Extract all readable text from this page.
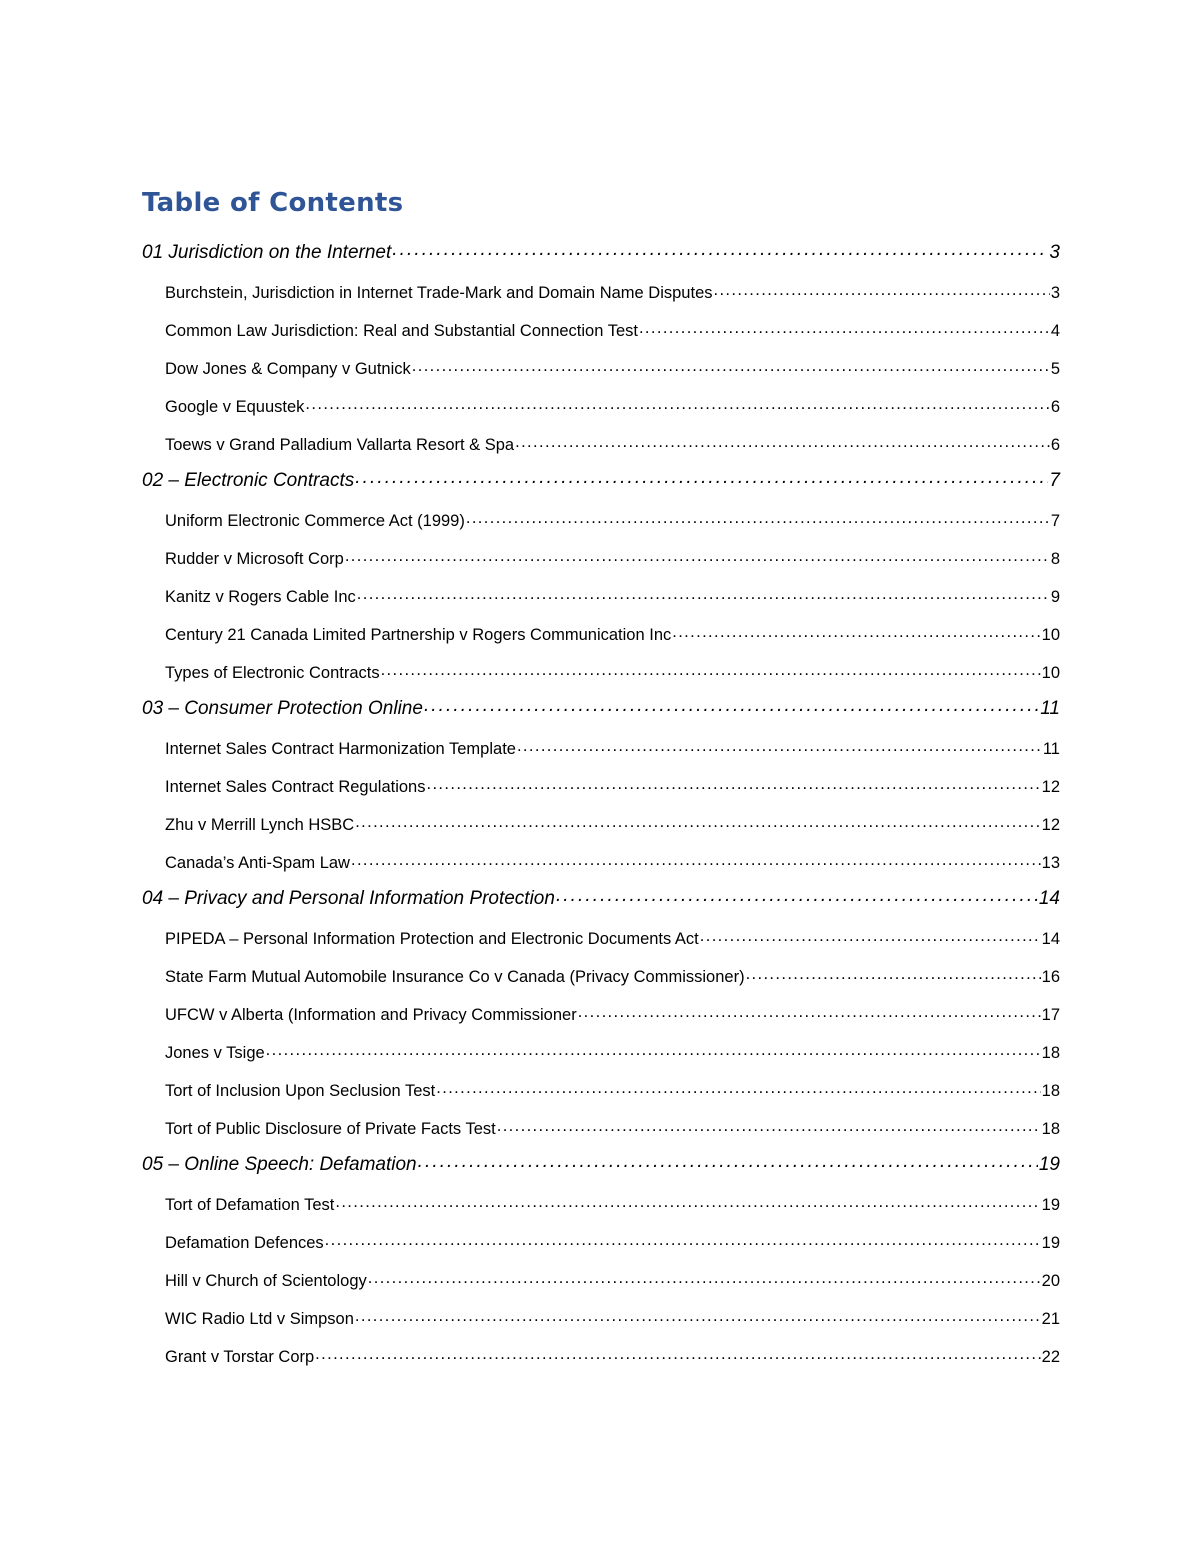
Table of Contents
01 Jurisdiction on the Internet . . .	3
Burchstein, Jurisdiction in Internet Trade-Mark and Domain Name Disputes . . .	3
Common Law Jurisdiction: Real and Substantial Connection Test . . .	4
Dow Jones & Company v Gutnick . . .	5
Google v Equustek . . .	6
Toews v Grand Palladium Vallarta Resort & Spa . . .	6
02 – Electronic Contracts . . .	7
Uniform Electronic Commerce Act (1999) . . .	7
Rudder v Microsoft Corp . . .	8
Kanitz v Rogers Cable Inc . . .	9
Century 21 Canada Limited Partnership v Rogers Communication Inc . . .	10
Types of Electronic Contracts . . .	10
03 – Consumer Protection Online . . .	11
Internet Sales Contract Harmonization Template . . .	11
Internet Sales Contract Regulations . . .	12
Zhu v Merrill Lynch HSBC . . .	12
Canada’s Anti-Spam Law . . .	13
04 – Privacy and Personal Information Protection . . .	14
PIPEDA – Personal Information Protection and Electronic Documents Act . . .	14
State Farm Mutual Automobile Insurance Co v Canada (Privacy Commissioner) . . .	16
UFCW v Alberta (Information and Privacy Commissioner . . .	17
Jones v Tsige . . .	18
Tort of Inclusion Upon Seclusion Test . . .	18
Tort of Public Disclosure of Private Facts Test . . .	18
05 – Online Speech: Defamation . . .	19
Tort of Defamation Test . . .	19
Defamation Defences . . .	19
Hill v Church of Scientology . . .	20
WIC Radio Ltd v Simpson . . .	21
Grant v Torstar Corp . . .	22
